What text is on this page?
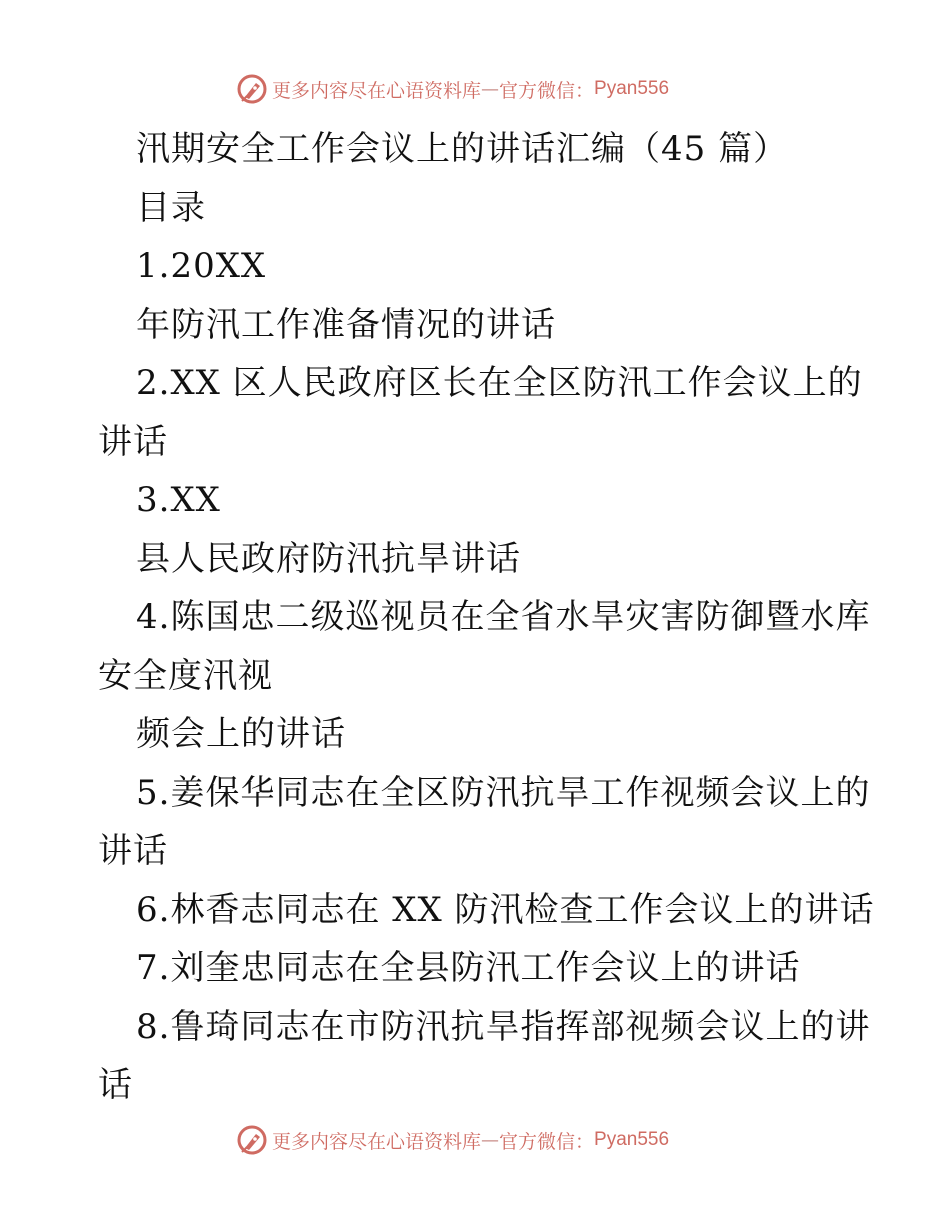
更多内容尽在心语资料库 — 官方微信： Pyan556
汛期安全工作会议上的讲话汇编（45 篇）
目录
1.20XX
年防汛工作准备情况的讲话
2.XX 区人民政府区长在全区防汛工作会议上的
讲话
3.XX
县人民政府防汛抗旱讲话
4.陈国忠二级巡视员在全省水旱灾害防御暨水库
安全度汛视
频会上的讲话
5.姜保华同志在全区防汛抗旱工作视频会议上的
讲话
6.林香志同志在 XX 防汛检查工作会议上的讲话
7.刘奎忠同志在全县防汛工作会议上的讲话
8.鲁琦同志在市防汛抗旱指挥部视频会议上的讲
话
更多内容尽在心语资料库 — 官方微信： Pyan556
